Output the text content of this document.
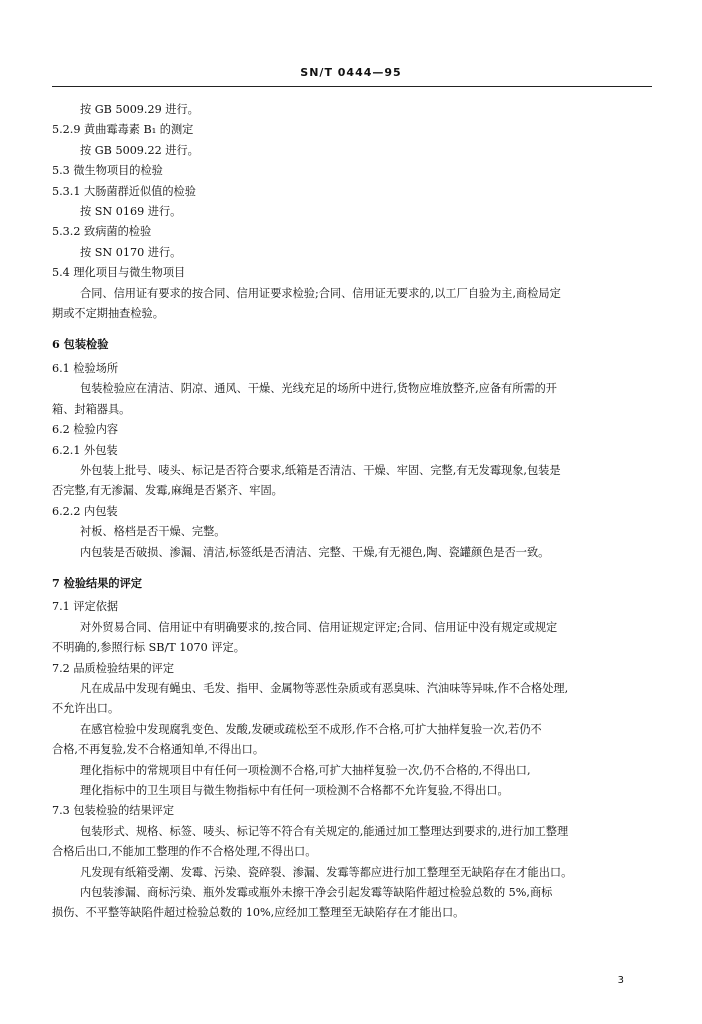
SN/T 0444—95
按 GB 5009.29 进行。
5.2.9 黄曲霉毒素 B₁ 的测定
按 GB 5009.22 进行。
5.3 微生物项目的检验
5.3.1 大肠菌群近似值的检验
按 SN 0169 进行。
5.3.2 致病菌的检验
按 SN 0170 进行。
5.4 理化项目与微生物项目
合同、信用证有要求的按合同、信用证要求检验;合同、信用证无要求的,以工厂自验为主,商检局定
期或不定期抽查检验。
6 包装检验
6.1 检验场所
包装检验应在清洁、阴凉、通风、干燥、光线充足的场所中进行,货物应堆放整齐,应备有所需的开
箱、封箱器具。
6.2 检验内容
6.2.1 外包装
外包装上批号、唛头、标记是否符合要求,纸箱是否清洁、干燥、牢固、完整,有无发霉现象,包装是
否完整,有无渗漏、发霉,麻绳是否紧齐、牢固。
6.2.2 内包装
衬板、格档是否干燥、完整。
内包装是否破损、渗漏、清洁,标签纸是否清洁、完整、干燥,有无褪色,陶、瓷罐颜色是否一致。
7 检验结果的评定
7.1 评定依据
对外贸易合同、信用证中有明确要求的,按合同、信用证规定评定;合同、信用证中没有规定或规定
不明确的,参照行标 SB/T 1070 评定。
7.2 品质检验结果的评定
凡在成品中发现有蝇虫、毛发、指甲、金属物等恶性杂质或有恶臭味、汽油味等异味,作不合格处理,
不允许出口。
在感官检验中发现腐乳变色、发酸,发硬或疏松至不成形,作不合格,可扩大抽样复验一次,若仍不
合格,不再复验,发不合格通知单,不得出口。
理化指标中的常规项目中有任何一项检测不合格,可扩大抽样复验一次,仍不合格的,不得出口,
理化指标中的卫生项目与微生物指标中有任何一项检测不合格都不允许复验,不得出口。
7.3 包装检验的结果评定
包装形式、规格、标签、唛头、标记等不符合有关规定的,能通过加工整理达到要求的,进行加工整理
合格后出口,不能加工整理的作不合格处理,不得出口。
凡发现有纸箱受潮、发霉、污染、瓷碎裂、渗漏、发霉等都应进行加工整理至无缺陷存在才能出口。
内包装渗漏、商标污染、瓶外发霉或瓶外未擦干净会引起发霉等缺陷件超过检验总数的 5%,商标
损伤、不平整等缺陷件超过检验总数的 10%,应经加工整理至无缺陷存在才能出口。
3
